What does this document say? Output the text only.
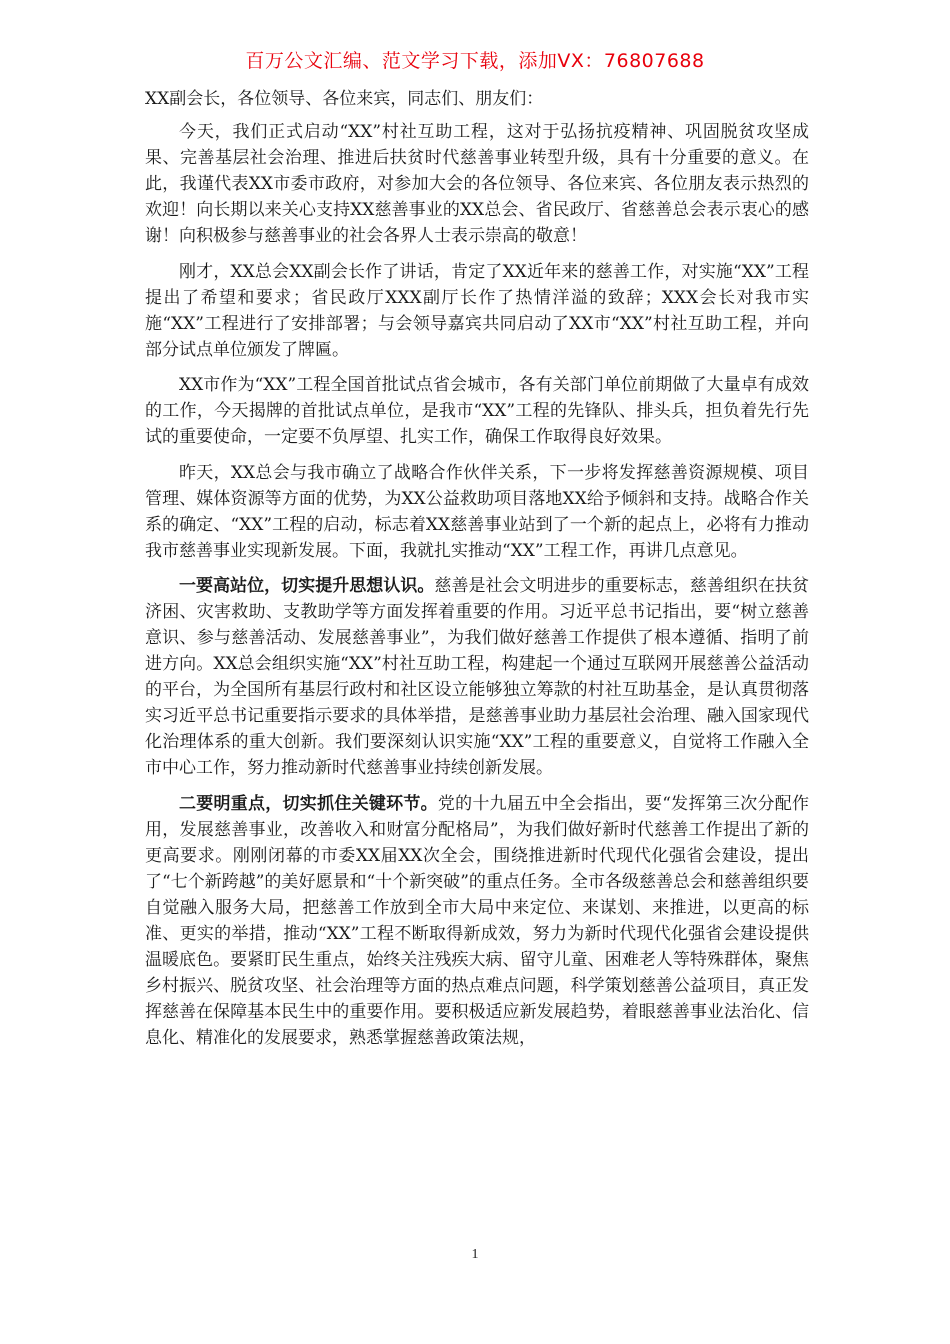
百万公文汇编、范文学习下载，添加VX：76807688

XX副会长，各位领导、各位来宾，同志们、朋友们：

今天，我们正式启动“XX”村社互助工程，这对于弘扬抗疫精神、巩固脱贫攻坚成果、完善基层社会治理、推进后扶贫时代慈善事业转型升级，具有十分重要的意义。在此，我谨代表XX市委市政府，对参加大会的各位领导、各位来宾、各位朋友表示热烈的欢迎！向长期以来关心支持XX慈善事业的XX总会、省民政厅、省慈善总会表示衷心的感谢！向积极参与慈善事业的社会各界人士表示崇高的敬意！

刚才，XX总会XX副会长作了讲话，肯定了XX近年来的慈善工作，对实施“XX”工程提出了希望和要求；省民政厅XXX副厅长作了热情洋溢的致辞；XXX会长对我市实施“XX”工程进行了安排部署；与会领导嘉宾共同启动了XX市“XX”村社互助工程，并向部分试点单位颁发了牌匾。

XX市作为“XX”工程全国首批试点省会城市，各有关部门单位前期做了大量卓有成效的工作，今天揭牌的首批试点单位，是我市“XX”工程的先锋队、排头兵，担负着先行先试的重要使命，一定要不负厚望、扎实工作，确保工作取得良好效果。

昨天，XX总会与我市确立了战略合作伙伴关系，下一步将发挥慈善资源规模、项目管理、媒体资源等方面的优势，为XX公益救助项目落地XX给予倾斜和支持。战略合作关系的确定、“XX”工程的启动，标志着XX慈善事业站到了一个新的起点上，必将有力推动我市慈善事业实现新发展。下面，我就扎实推动“XX”工程工作，再讲几点意见。

一要高站位，切实提升思想认识。慈善是社会文明进步的重要标志，慈善组织在扶贫济困、灾害救助、支教助学等方面发挥着重要的作用。习近平总书记指出，要“树立慈善意识、参与慈善活动、发展慈善事业”，为我们做好慈善工作提供了根本遵循、指明了前进方向。XX总会组织实施“XX”村社互助工程，构建起一个通过互联网开展慈善公益活动的平台，为全国所有基层行政村和社区设立能够独立筹款的村社互助基金，是认真贯彻落实习近平总书记重要指示要求的具体举措，是慈善事业助力基层社会治理、融入国家现代化治理体系的重大创新。我们要深刻认识实施“XX”工程的重要意义，自觉将工作融入全市中心工作，努力推动新时代慈善事业持续创新发展。

二要明重点，切实抓住关键环节。党的十九届五中全会指出，要“发挥第三次分配作用，发展慈善事业，改善收入和财富分配格局”，为我们做好新时代慈善工作提出了新的更高要求。刚刚闭幕的市委XX届XX次全会，围绕推进新时代现代化强省会建设，提出了“七个新跨越”的美好愿景和“十个新突破”的重点任务。全市各级慈善总会和慈善组织要自觉融入服务大局，把慈善工作放到全市大局中来定位、来谋划、来推进，以更高的标准、更实的举措，推动“XX”工程不断取得新成效，努力为新时代现代化强省会建设提供温暖底色。要紧盯民生重点，始终关注残疾大病、留守儿童、困难老人等特殊群体，聚焦乡村振兴、脱贫攻坚、社会治理等方面的热点难点问题，科学策划慈善公益项目，真正发挥慈善在保障基本民生中的重要作用。要积极适应新发展趋势，着眼慈善事业法治化、信息化、精准化的发展要求，熟悉掌握慈善政策法规，

1
